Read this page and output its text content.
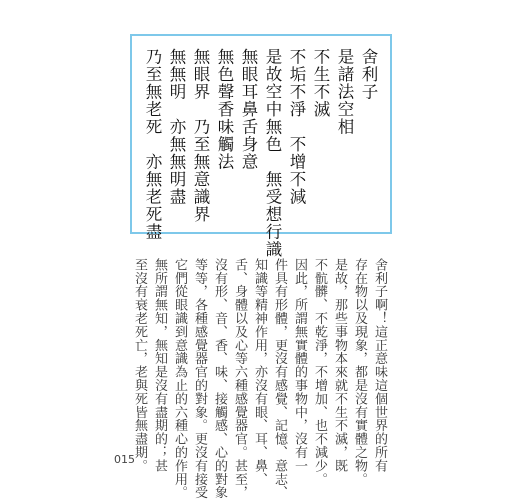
舍利子
是諸法空相
不生不滅
不垢不淨　不增不減
是故空中無色　無受想行識
無眼耳鼻舌身意
無色聲香味觸法
無眼界　乃至無意識界
無無明　亦無無明盡
乃至無老死　亦無老死盡
舍利子啊！這正意味這個世界的所有
存在物以及現象，都是沒有實體之物。
是故，那些事物本來就不生不滅，既
不骯髒、不乾淨，不增加、也不減少。
因此，所謂無實體的事物中，沒有一
件具有形體，更沒有感覺、記憶、意志、
知識等精神作用，亦沒有眼、耳、鼻、
舌、身體以及心等六種感覺器官。甚至，
沒有形、音、香、味、接觸感、心的對象
等等，各種感覺器官的對象。更沒有接受
它們從眼識到意識為止的六種心的作用。
無所謂無知，無知是沒有盡期的；甚
至沒有衰老死亡，老與死皆無盡期。
015
